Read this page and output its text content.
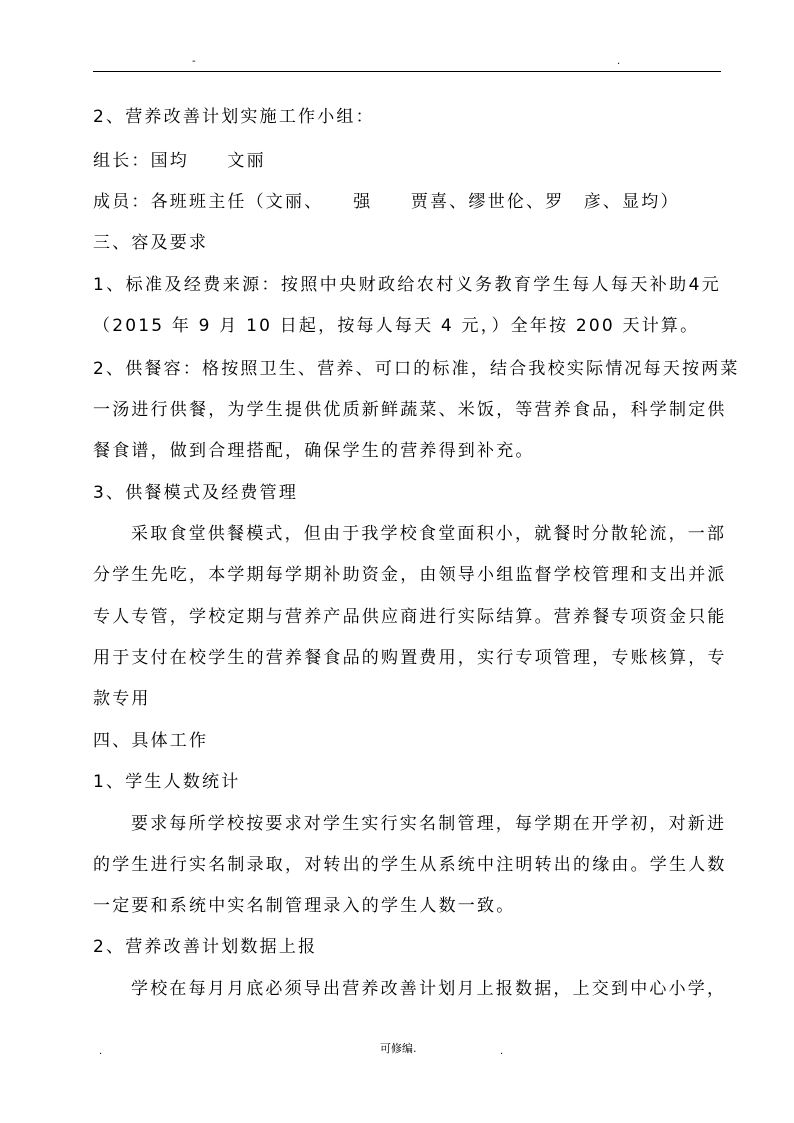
-	.
2、营养改善计划实施工作小组：
组长：国均　　文丽
成员：各班班主任（文丽、　　强　　贾喜、缪世伦、罗　彦、显均）
三、容及要求
1、标准及经费来源：按照中央财政给农村义务教育学生每人每天补助4元
（2015 年 9 月 10 日起，按每人每天 4 元，）全年按 200 天计算。
2、供餐容：格按照卫生、营养、可口的标准，结合我校实际情况每天按两菜
一汤进行供餐，为学生提供优质新鲜蔬菜、米饭，等营养食品，科学制定供
餐食谱，做到合理搭配，确保学生的营养得到补充。
3、供餐模式及经费管理
采取食堂供餐模式，但由于我学校食堂面积小，就餐时分散轮流，一部
分学生先吃，本学期每学期补助资金，由领导小组监督学校管理和支出并派
专人专管，学校定期与营养产品供应商进行实际结算。营养餐专项资金只能
用于支付在校学生的营养餐食品的购置费用，实行专项管理，专账核算，专
款专用
四、具体工作
1、学生人数统计
要求每所学校按要求对学生实行实名制管理，每学期在开学初，对新进
的学生进行实名制录取，对转出的学生从系统中注明转出的缘由。学生人数
一定要和系统中实名制管理录入的学生人数一致。
2、营养改善计划数据上报
学校在每月月底必须导出营养改善计划月上报数据，上交到中心小学，
.	可修编.	.
